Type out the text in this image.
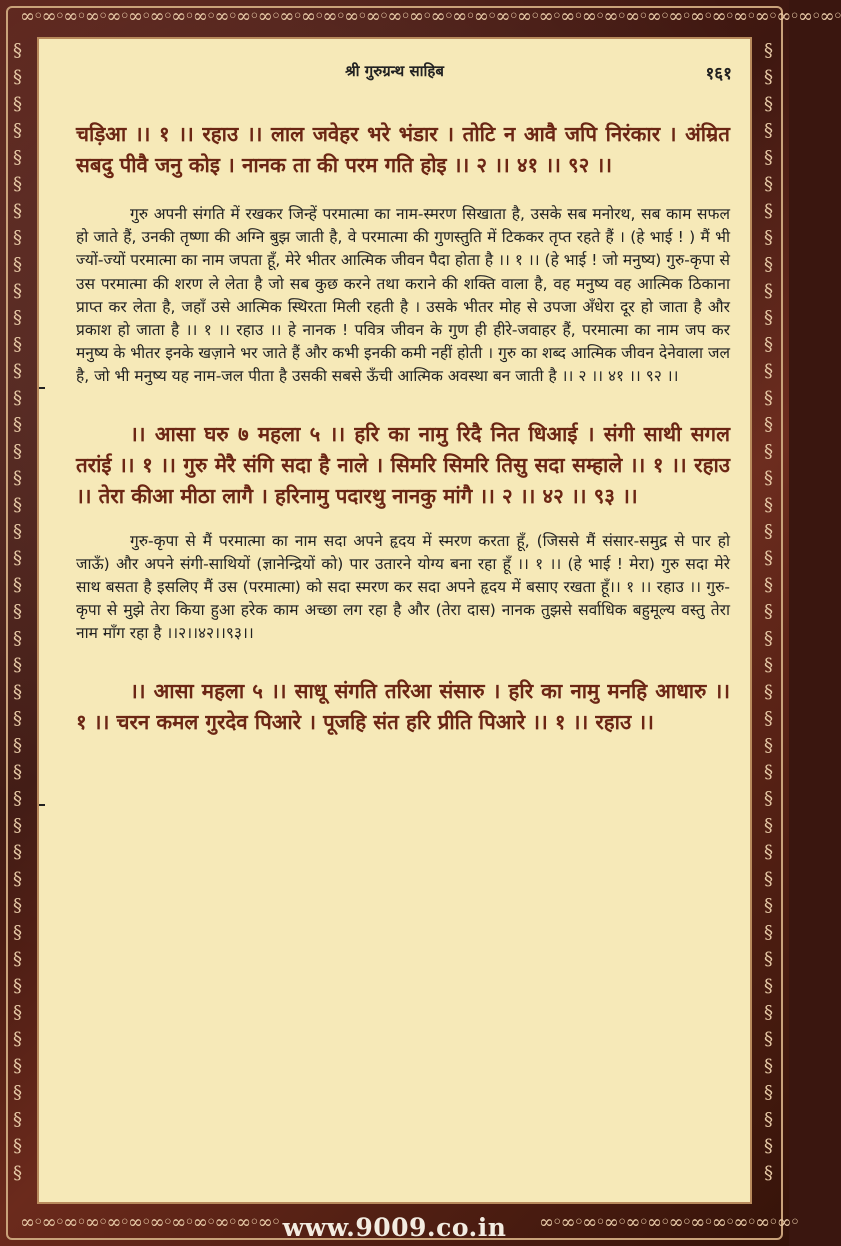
∞◦∞◦∞◦∞◦∞◦∞◦∞◦∞◦∞◦∞◦∞◦∞◦∞◦∞◦∞◦∞◦∞◦∞◦∞◦∞◦∞◦∞◦∞◦∞◦∞◦∞◦∞◦∞◦∞◦∞◦∞◦∞◦∞◦∞◦∞◦∞◦∞◦∞◦
§ § § § § § § § § § § § § § § § § § § § § § § § § § § § § § § § § § § § § § § § § § §	§ § § § § § § § § § § § § § § § § § § § § § § § § § § § § § § § § § § § § § § § § § §
∞◦∞◦∞◦∞◦∞◦∞◦∞◦∞◦∞◦∞◦∞◦∞◦	∞◦∞◦∞◦∞◦∞◦∞◦∞◦∞◦∞◦∞◦∞◦∞◦
श्री गुरुग्रन्थ साहिब	१६१

चड़िआ ।। १ ।। रहाउ ।। लाल जवेहर भरे भंडार । तोटि न आवै जपि निरंकार । अंम्रित सबदु पीवै जनु कोइ । नानक ता की परम गति होइ ।। २ ।। ४१ ।। ९२ ।।

गुरु अपनी संगति में रखकर जिन्हें परमात्मा का नाम-स्मरण सिखाता है, उसके सब मनोरथ, सब काम सफल हो जाते हैं, उनकी तृष्णा की अग्नि बुझ जाती है, वे परमात्मा की गुणस्तुति में टिककर तृप्त रहते हैं । (हे भाई ! ) मैं भी ज्यों-ज्यों परमात्मा का नाम जपता हूँ, मेरे भीतर आत्मिक जीवन पैदा होता है ।। १ ।। (हे भाई ! जो मनुष्य) गुरु-कृपा से उस परमात्मा की शरण ले लेता है जो सब कुछ करने तथा कराने की शक्ति वाला है, वह मनुष्य वह आत्मिक ठिकाना प्राप्त कर लेता है, जहाँ उसे आत्मिक स्थिरता मिली रहती है । उसके भीतर मोह से उपजा अँधेरा दूर हो जाता है और प्रकाश हो जाता है ।। १ ।। रहाउ ।। हे नानक ! पवित्र जीवन के गुण ही हीरे-जवाहर हैं, परमात्मा का नाम जप कर मनुष्य के भीतर इनके खज़ाने भर जाते हैं और कभी इनकी कमी नहीं होती । गुरु का शब्द आत्मिक जीवन देनेवाला जल है, जो भी मनुष्य यह नाम-जल पीता है उसकी सबसे ऊँची आत्मिक अवस्था बन जाती है ।। २ ।। ४१ ।। ९२ ।।

।। आसा घरु ७ महला ५ ।। हरि का नामु रिदै नित धिआई । संगी साथी सगल तरांई ।। १ ।। गुरु मेरै संगि सदा है नाले । सिमरि सिमरि तिसु सदा सम्हाले ।। १ ।। रहाउ ।। तेरा कीआ मीठा लागै । हरिनामु पदारथु नानकु मांगै ।। २ ।। ४२ ।। ९३ ।।

गुरु-कृपा से मैं परमात्मा का नाम सदा अपने हृदय में स्मरण करता हूँ, (जिससे मैं संसार-समुद्र से पार हो जाऊँ) और अपने संगी-साथियों (ज्ञानेन्द्रियों को) पार उतारने योग्य बना रहा हूँ ।। १ ।। (हे भाई ! मेरा) गुरु सदा मेरे साथ बसता है इसलिए मैं उस (परमात्मा) को सदा स्मरण कर सदा अपने हृदय में बसाए रखता हूँ।। १ ।। रहाउ ।। गुरु-कृपा से मुझे तेरा किया हुआ हरेक काम अच्छा लग रहा है और (तेरा दास) नानक तुझसे सर्वाधिक बहुमूल्य वस्तु तेरा नाम माँग रहा है ।।२।।४२।।९३।।

।। आसा महला ५ ।। साधू संगति तरिआ संसारु । हरि का नामु मनहि आधारु ।। १ ।। चरन कमल गुरदेव पिआरे । पूजहि संत हरि प्रीति पिआरे ।। १ ।। रहाउ ।।

www.9009.co.in
